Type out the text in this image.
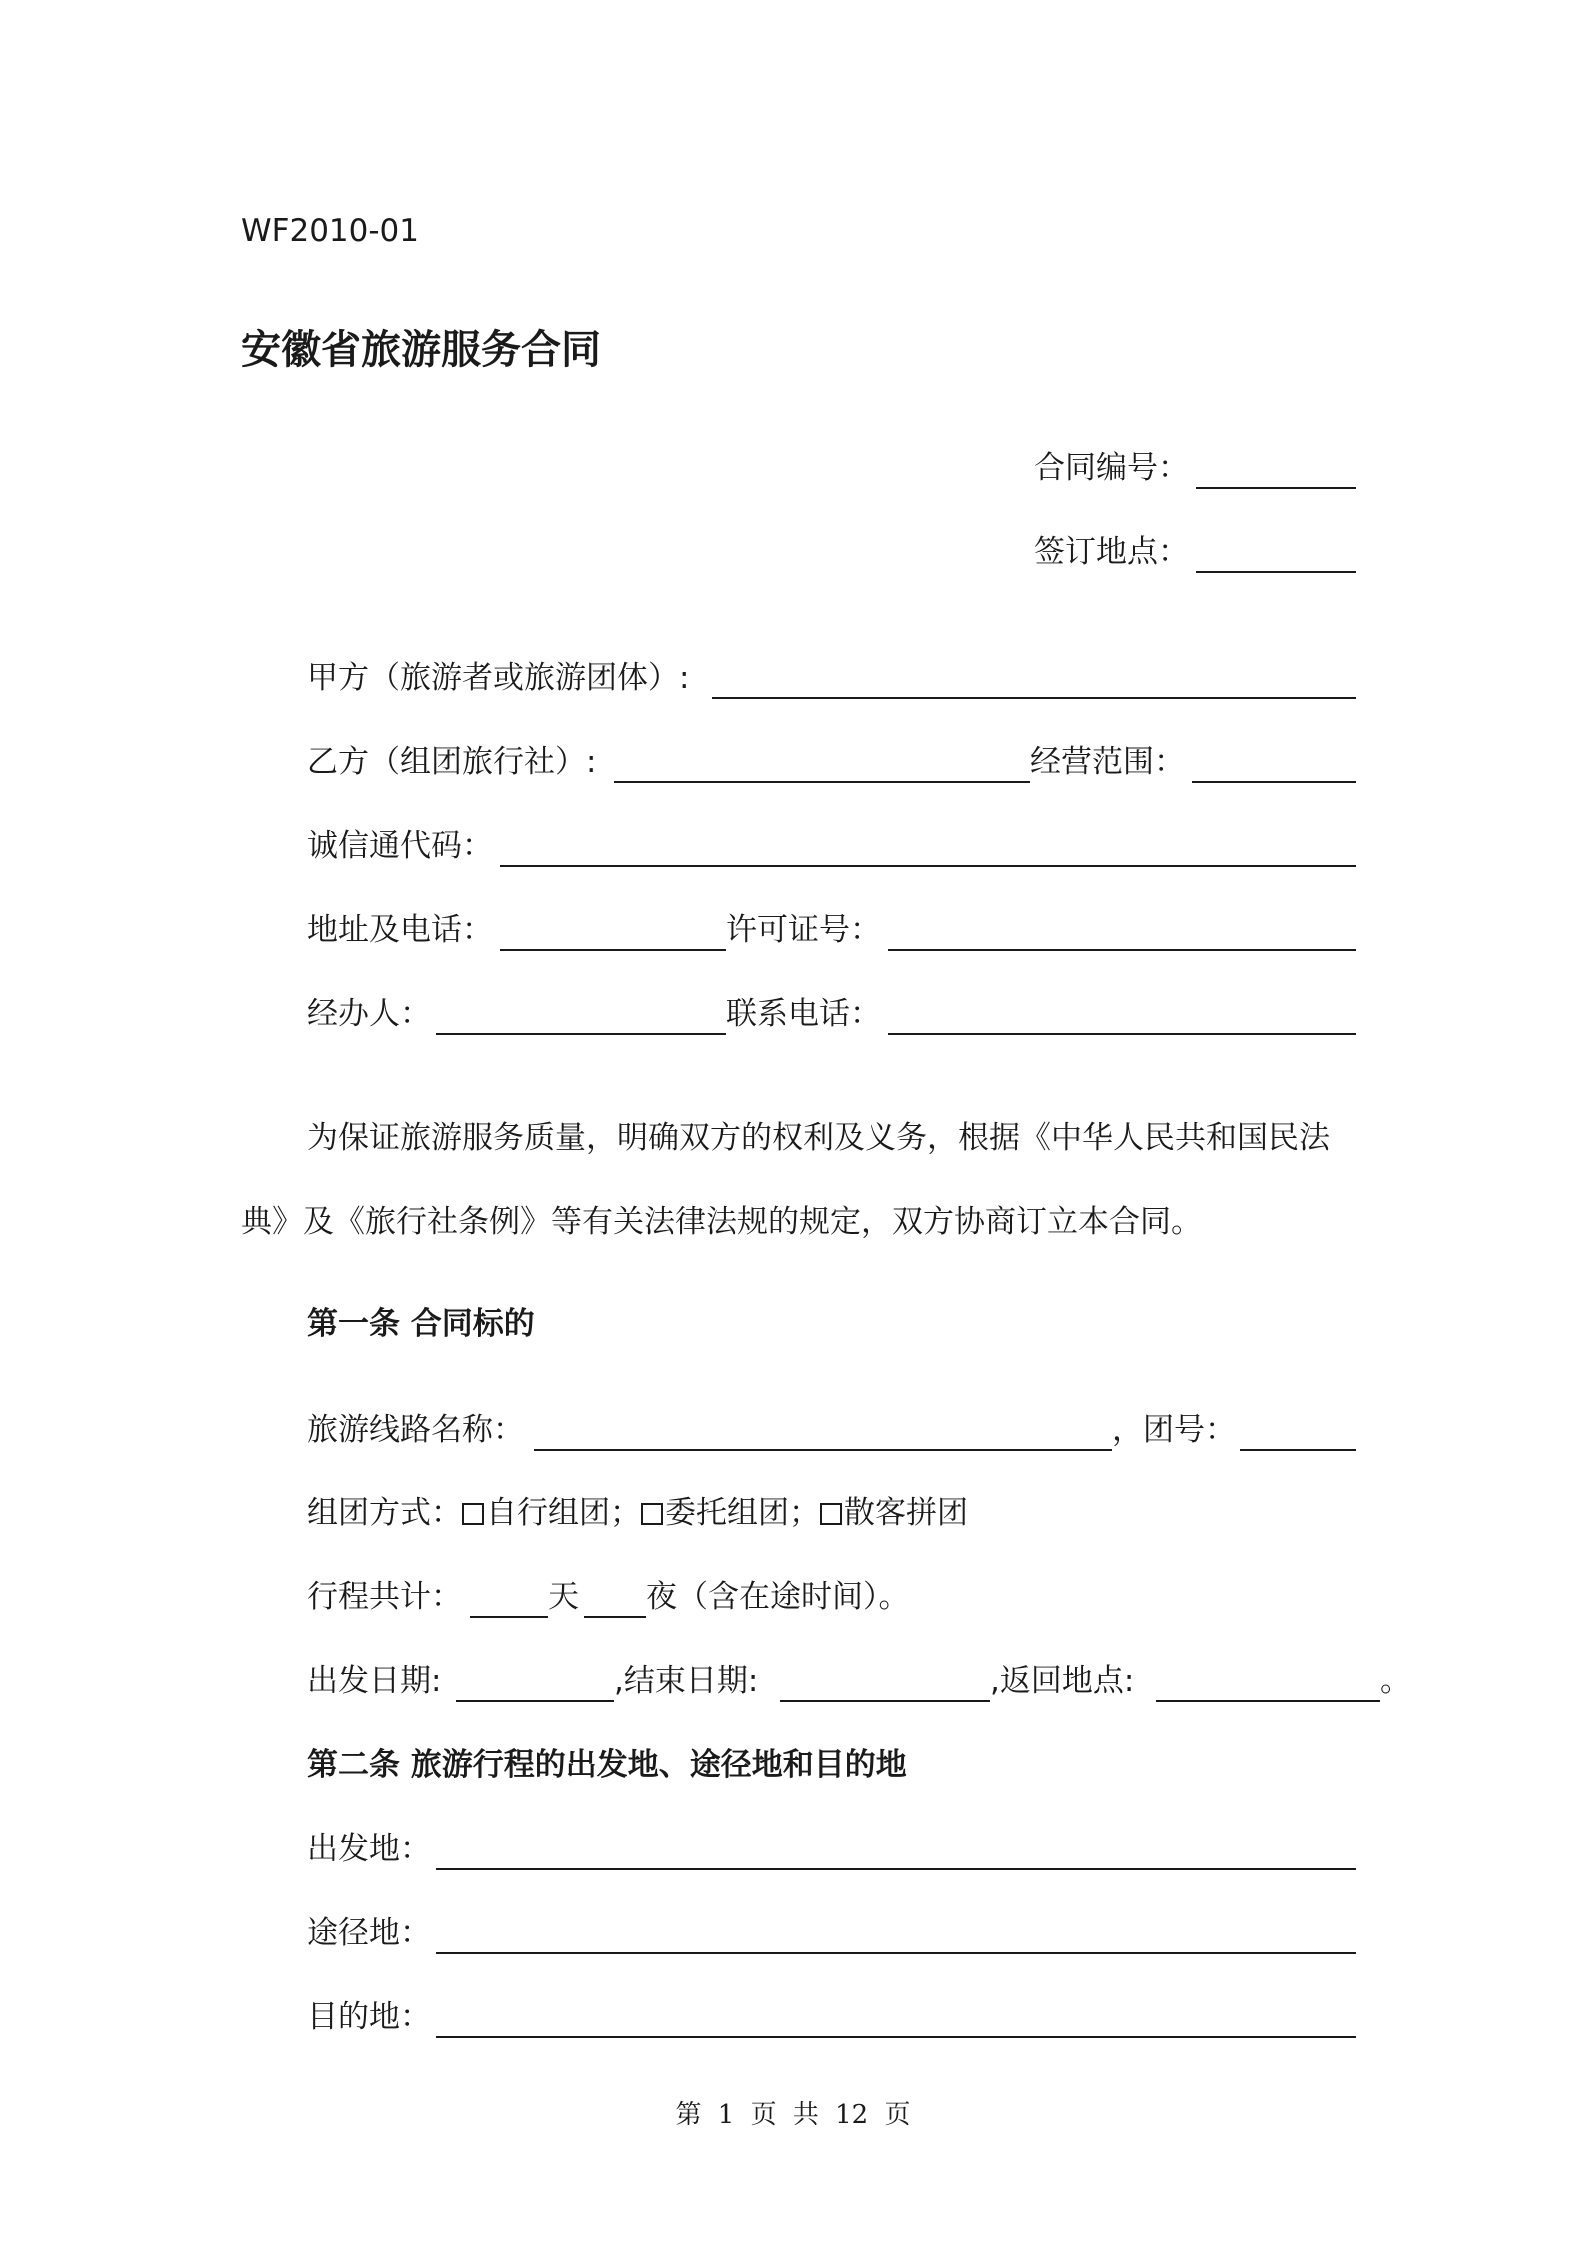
WF2010-01
安徽省旅游服务合同
合同编号：
签订地点：
甲方（旅游者或旅游团体）:
乙方（组团旅行社）:	经营范围：
诚信通代码：
地址及电话：	许可证号：
经办人：	联系电话：
为保证旅游服务质量，明确双方的权利及义务，根据《中华人民共和国民法
典》及《旅行社条例》等有关法律法规的规定，双方协商订立本合同。
第一条 合同标的
旅游线路名称：	，团号：
组团方式： 自行组团； 委托组团； 散客拼团
行程共计：	天 夜（含在途时间）。
出发日期:	,结束日期:	,返回地点:	。
第二条 旅游行程的出发地、途径地和目的地
出发地：
途径地：
目的地：
第 1 页 共 12 页
